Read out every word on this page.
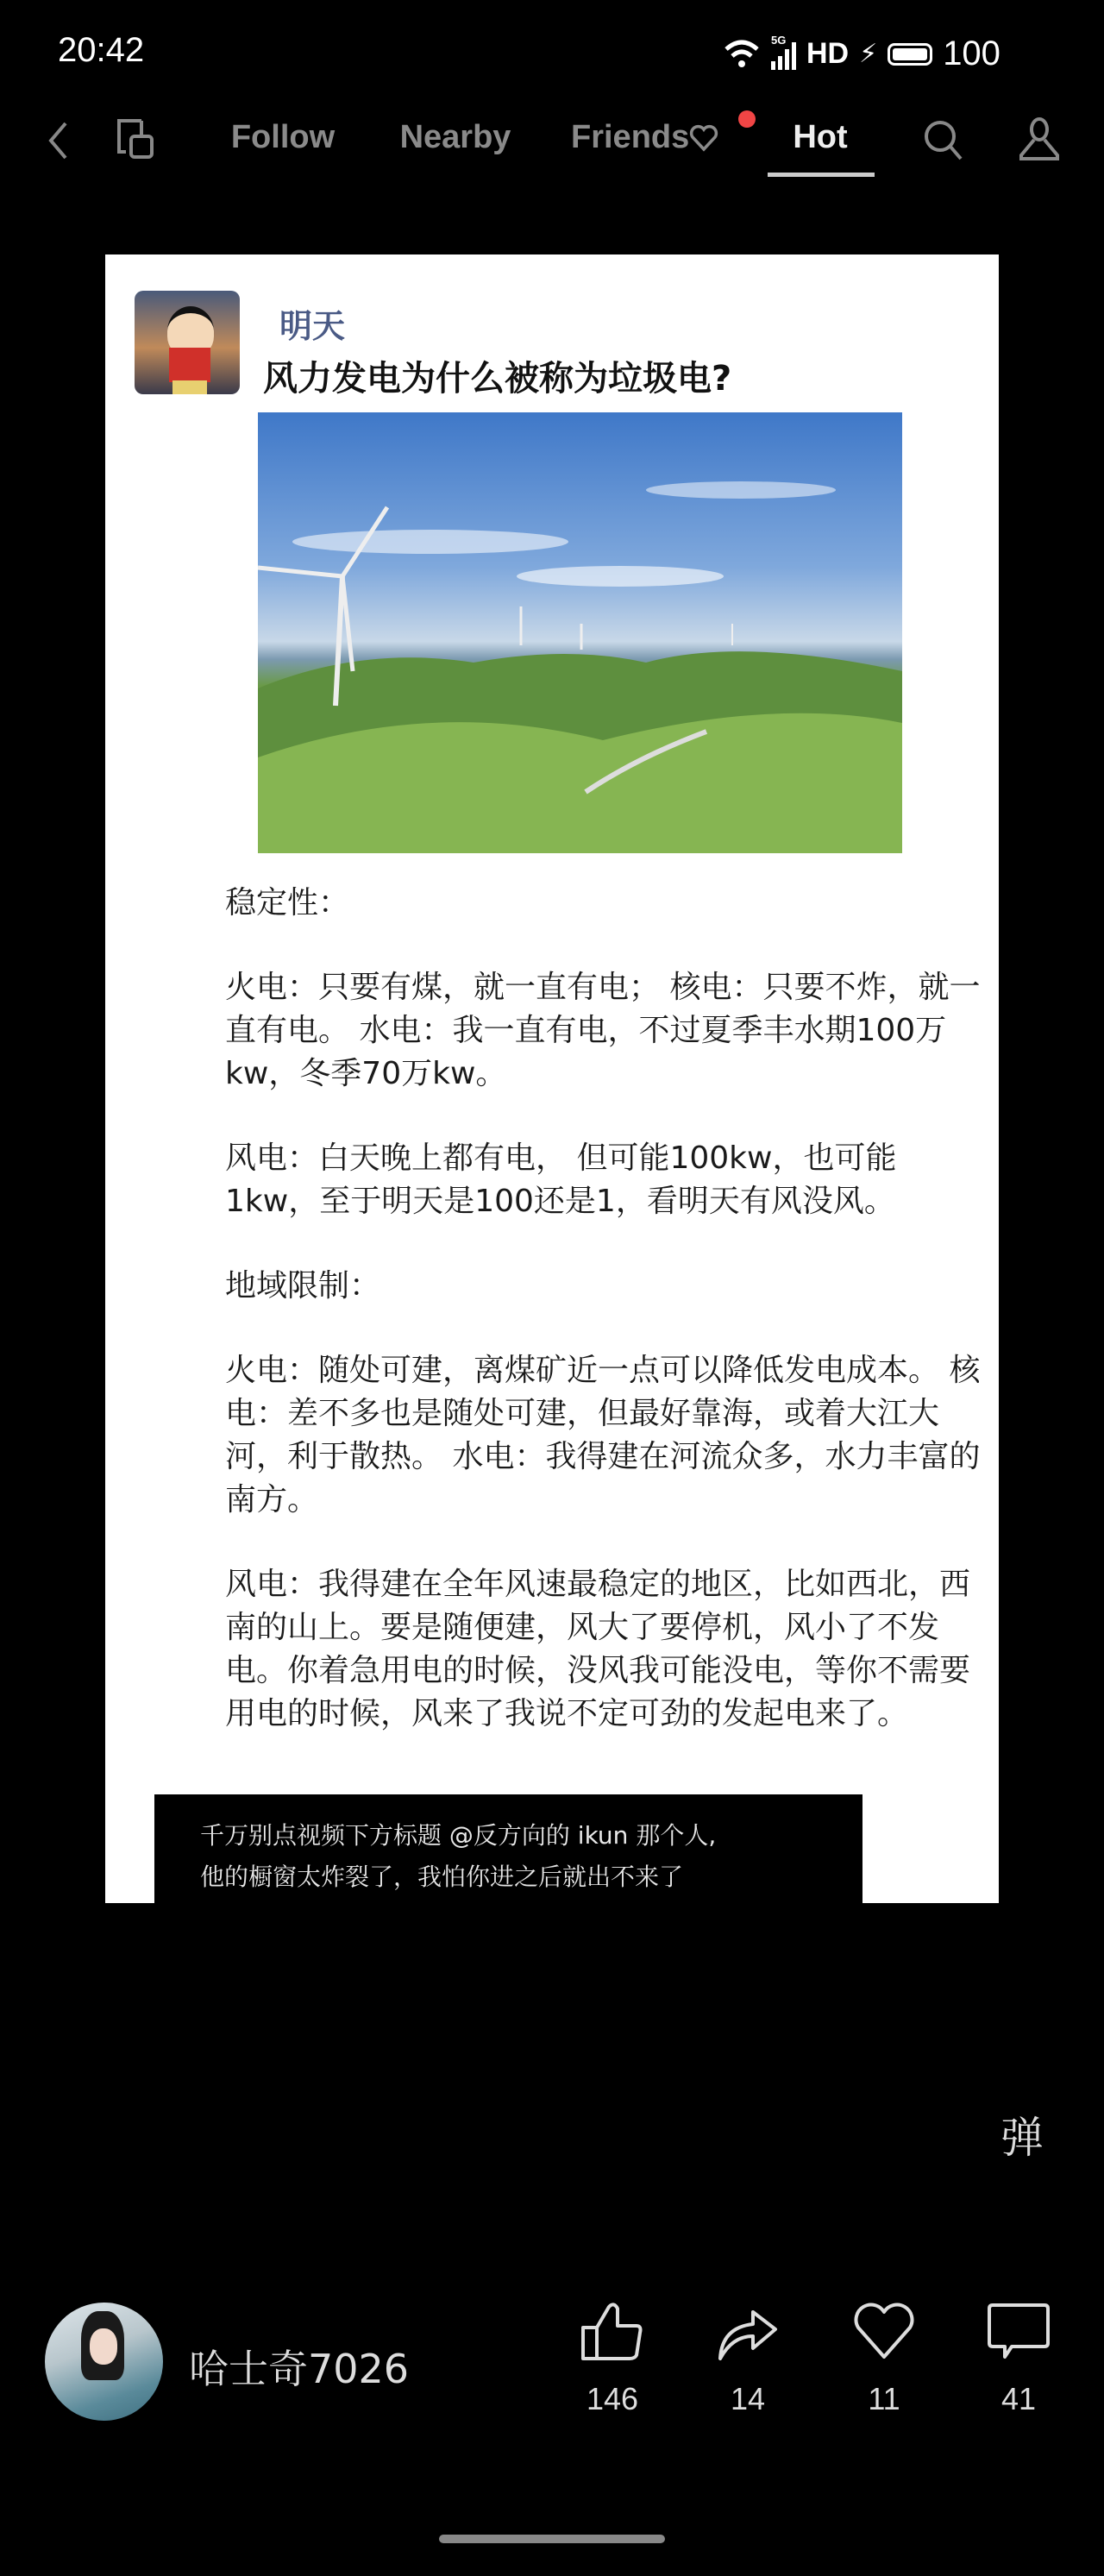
20:42	5G HD ⚡ 100
Follow Nearby Friends	Hot
明天
风力发电为什么被称为垃圾电?

稳定性：

火电：只要有煤，就一直有电； 核电：只要不炸，就一直有电。 水电：我一直有电，不过夏季丰水期100万kw，冬季70万kw。

风电：白天晚上都有电， 但可能100kw，也可能1kw，至于明天是100还是1，看明天有风没风。

地域限制：

火电：随处可建，离煤矿近一点可以降低发电成本。 核电：差不多也是随处可建，但最好靠海，或着大江大河，利于散热。 水电：我得建在河流众多，水力丰富的南方。

风电：我得建在全年风速最稳定的地区，比如西北，西南的山上。要是随便建，风大了要停机，风小了不发电。你着急用电的时候，没风我可能没电，等你不需要用电的时候，风来了我说不定可劲的发起电来了。

千万别点视频下方标题 @反方向的 ikun 那个人,
他的橱窗太炸裂了，我怕你进之后就出不来了
弹
哈士奇7026
146	14	11	41
